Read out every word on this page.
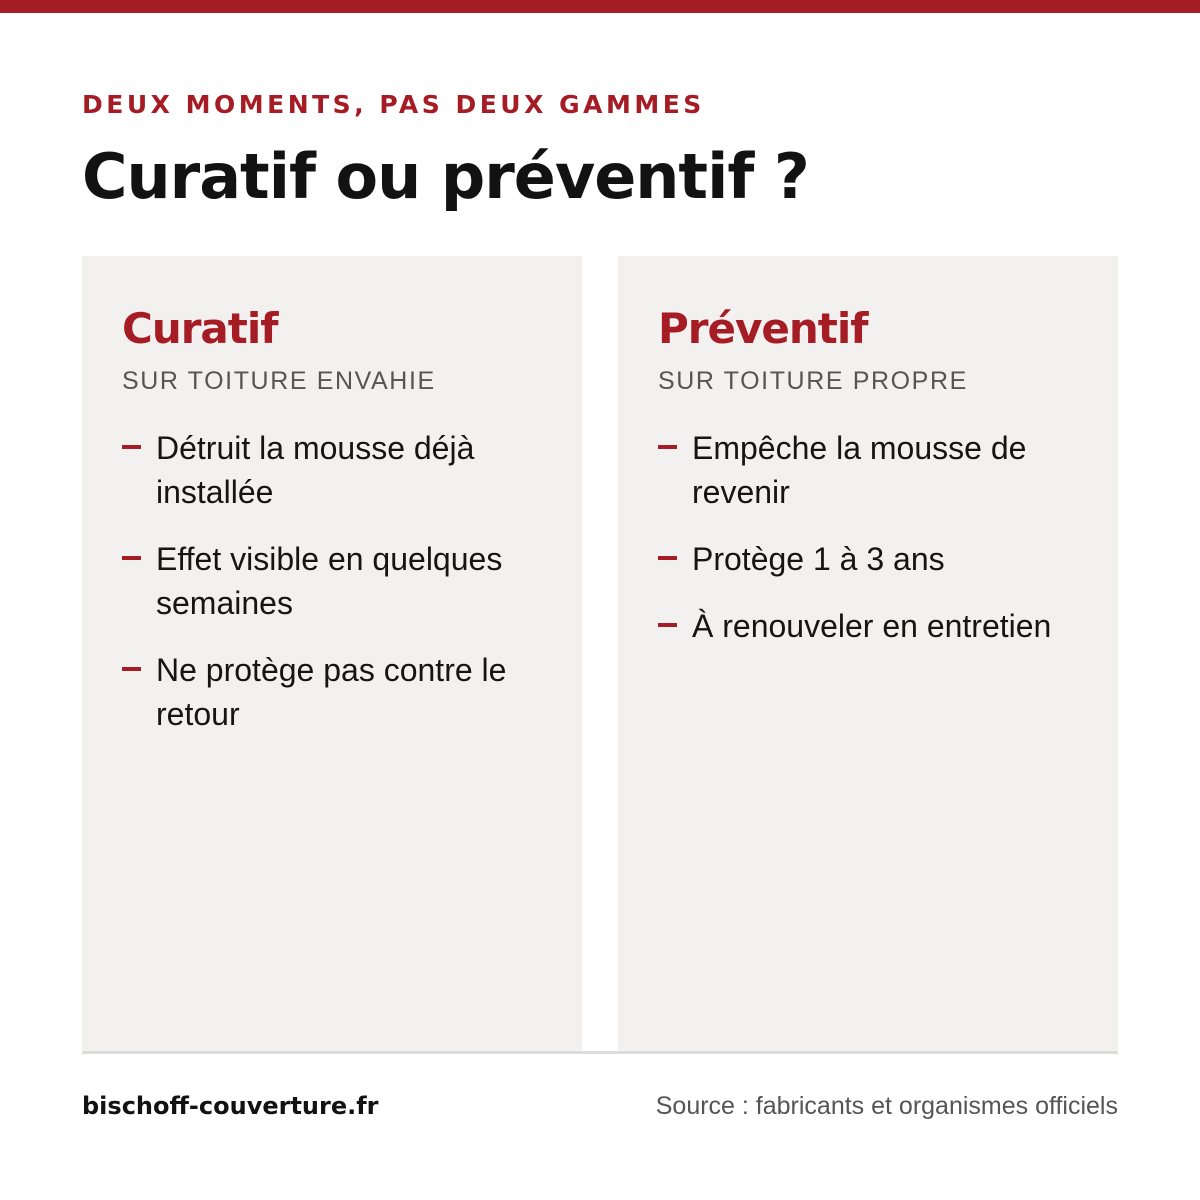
DEUX MOMENTS, PAS DEUX GAMMES
Curatif ou préventif ?
Curatif
SUR TOITURE ENVAHIE
Détruit la mousse déjà installée
Effet visible en quelques semaines
Ne protège pas contre le retour
Préventif
SUR TOITURE PROPRE
Empêche la mousse de revenir
Protège 1 à 3 ans
À renouveler en entretien
bischoff-couverture.fr	Source : fabricants et organismes officiels
